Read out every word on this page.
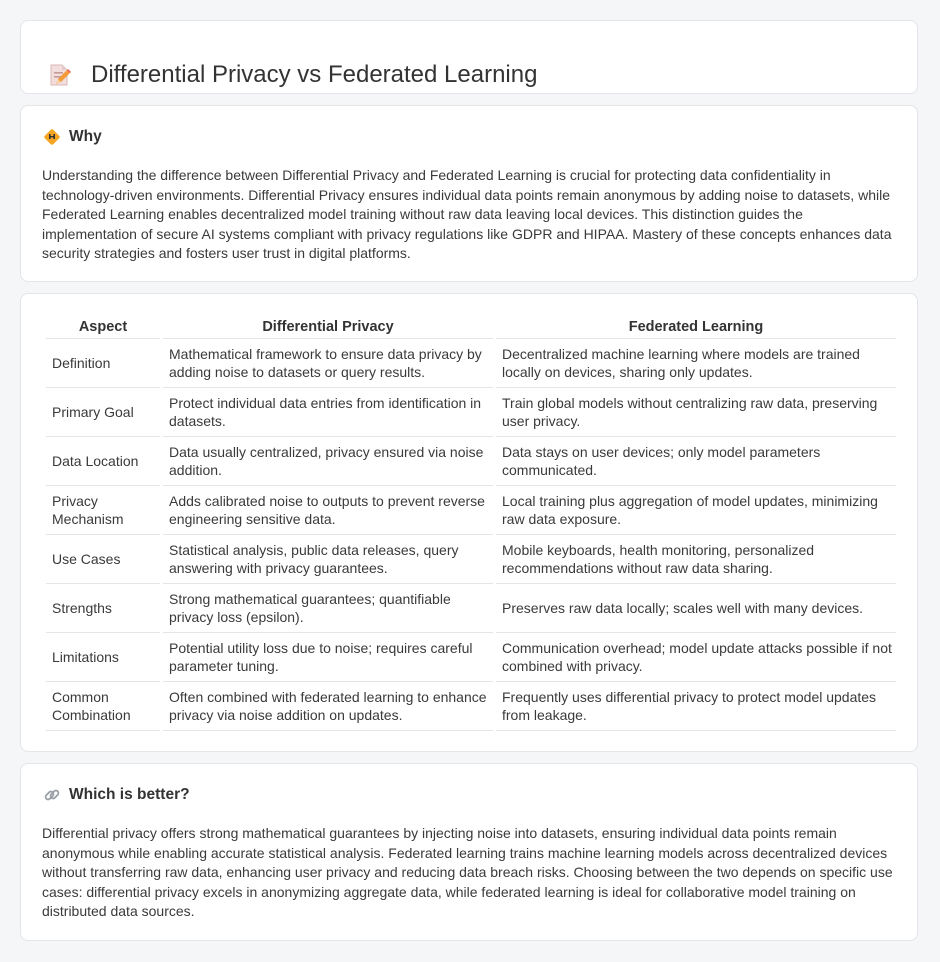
Differential Privacy vs Federated Learning
Why

Understanding the difference between Differential Privacy and Federated Learning is crucial for protecting data confidentiality in technology-driven environments. Differential Privacy ensures individual data points remain anonymous by adding noise to datasets, while Federated Learning enables decentralized model training without raw data leaving local devices. This distinction guides the implementation of secure AI systems compliant with privacy regulations like GDPR and HIPAA. Mastery of these concepts enhances data security strategies and fosters user trust in digital platforms.

Aspect	Differential Privacy	Federated Learning
Definition	Mathematical framework to ensure data privacy by adding noise to datasets or query results.	Decentralized machine learning where models are trained locally on devices, sharing only updates.
Primary Goal	Protect individual data entries from identification in datasets.	Train global models without centralizing raw data, preserving user privacy.
Data Location	Data usually centralized, privacy ensured via noise addition.	Data stays on user devices; only model parameters communicated.
Privacy Mechanism	Adds calibrated noise to outputs to prevent reverse engineering sensitive data.	Local training plus aggregation of model updates, minimizing raw data exposure.
Use Cases	Statistical analysis, public data releases, query answering with privacy guarantees.	Mobile keyboards, health monitoring, personalized recommendations without raw data sharing.
Strengths	Strong mathematical guarantees; quantifiable privacy loss (epsilon).	Preserves raw data locally; scales well with many devices.
Limitations	Potential utility loss due to noise; requires careful parameter tuning.	Communication overhead; model update attacks possible if not combined with privacy.
Common Combination	Often combined with federated learning to enhance privacy via noise addition on updates.	Frequently uses differential privacy to protect model updates from leakage.
Which is better?

Differential privacy offers strong mathematical guarantees by injecting noise into datasets, ensuring individual data points remain anonymous while enabling accurate statistical analysis. Federated learning trains machine learning models across decentralized devices without transferring raw data, enhancing user privacy and reducing data breach risks. Choosing between the two depends on specific use cases: differential privacy excels in anonymizing aggregate data, while federated learning is ideal for collaborative model training on distributed data sources.
